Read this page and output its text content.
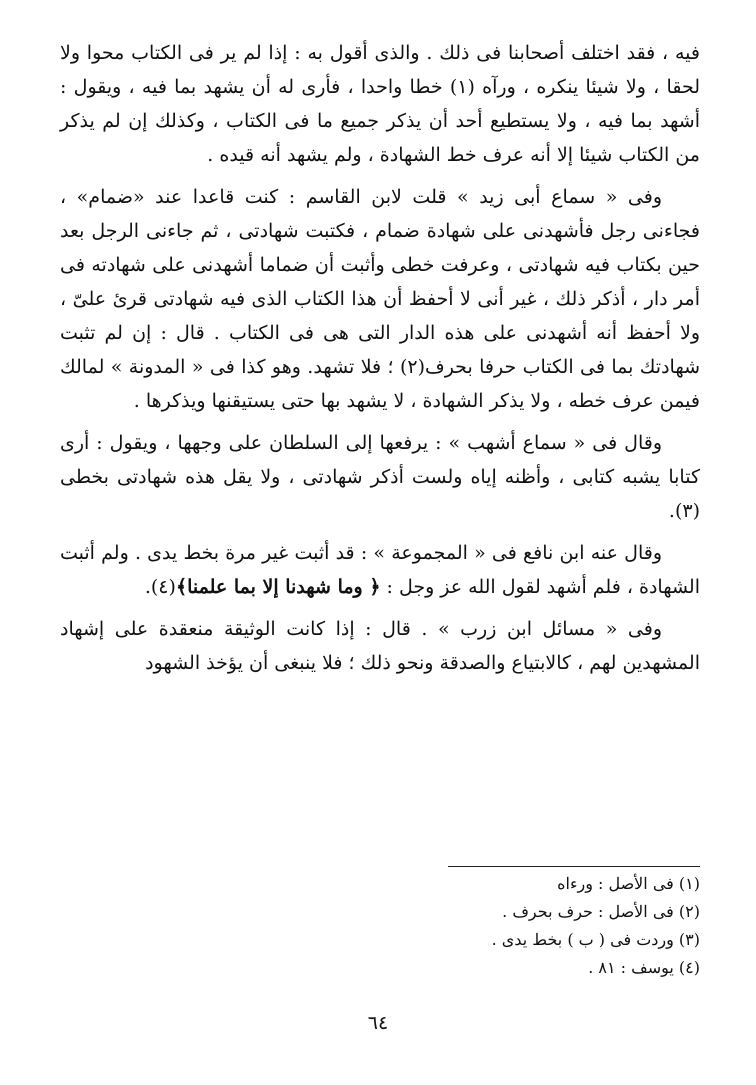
فيه ، فقد اختلف أصحابنا فى ذلك . والذى أقول به : إذا لم ير فى الكتاب محوا ولا لحقا ، ولا شيئا ينكره ، ورآه (١) خطا واحدا ، فأرى له أن يشهد بما فيه ، ويقول : أشهد بما فيه ، ولا يستطيع أحد أن يذكر جميع ما فى الكتاب ، وكذلك إن لم يذكر من الكتاب شيئا إلا أنه عرف خط الشهادة ، ولم يشهد أنه قيده .

وفى « سماع أبى زيد » قلت لابن القاسم : كنت قاعدا عند «ضمام» ، فجاءنى رجل فأشهدنى على شهادة ضمام ، فكتبت شهادتى ، ثم جاءنى الرجل بعد حين بكتاب فيه شهادتى ، وعرفت خطى وأثبت أن ضماما أشهدنى على شهادته فى أمر دار ، أذكر ذلك ، غير أنى لا أحفظ أن هذا الكتاب الذى فيه شهادتى قرئ علىّ ، ولا أحفظ أنه أشهدنى على هذه الدار التى هى فى الكتاب . قال : إن لم تثبت شهادتك بما فى الكتاب حرفا بحرف(٢) ؛ فلا تشهد. وهو كذا فى « المدونة » لمالك فيمن عرف خطه ، ولا يذكر الشهادة ، لا يشهد بها حتى يستيقنها ويذكرها .

وقال فى « سماع أشهب » : يرفعها إلى السلطان على وجهها ، ويقول : أرى كتابا يشبه كتابى ، وأظنه إياه ولست أذكر شهادتى ، ولا يقل هذه شهادتى بخطى (٣).

وقال عنه ابن نافع فى « المجموعة » : قد أثبت غير مرة بخط يدى . ولم أثبت الشهادة ، فلم أشهد لقول الله عز وجل : ﴿ وما شهدنا إلا بما علمنا﴾(٤).

وفى « مسائل ابن زرب » . قال : إذا كانت الوثيقة منعقدة على إشهاد المشهدين لهم ، كالابتياع والصدقة ونحو ذلك ؛ فلا ينبغى أن يؤخذ الشهود

(١) فى الأصل : ورءاه
(٢) فى الأصل : حرف بحرف .
(٣) وردت فى ( ب ) بخط يدى .
(٤) يوسف : ٨١ .
٦٤
